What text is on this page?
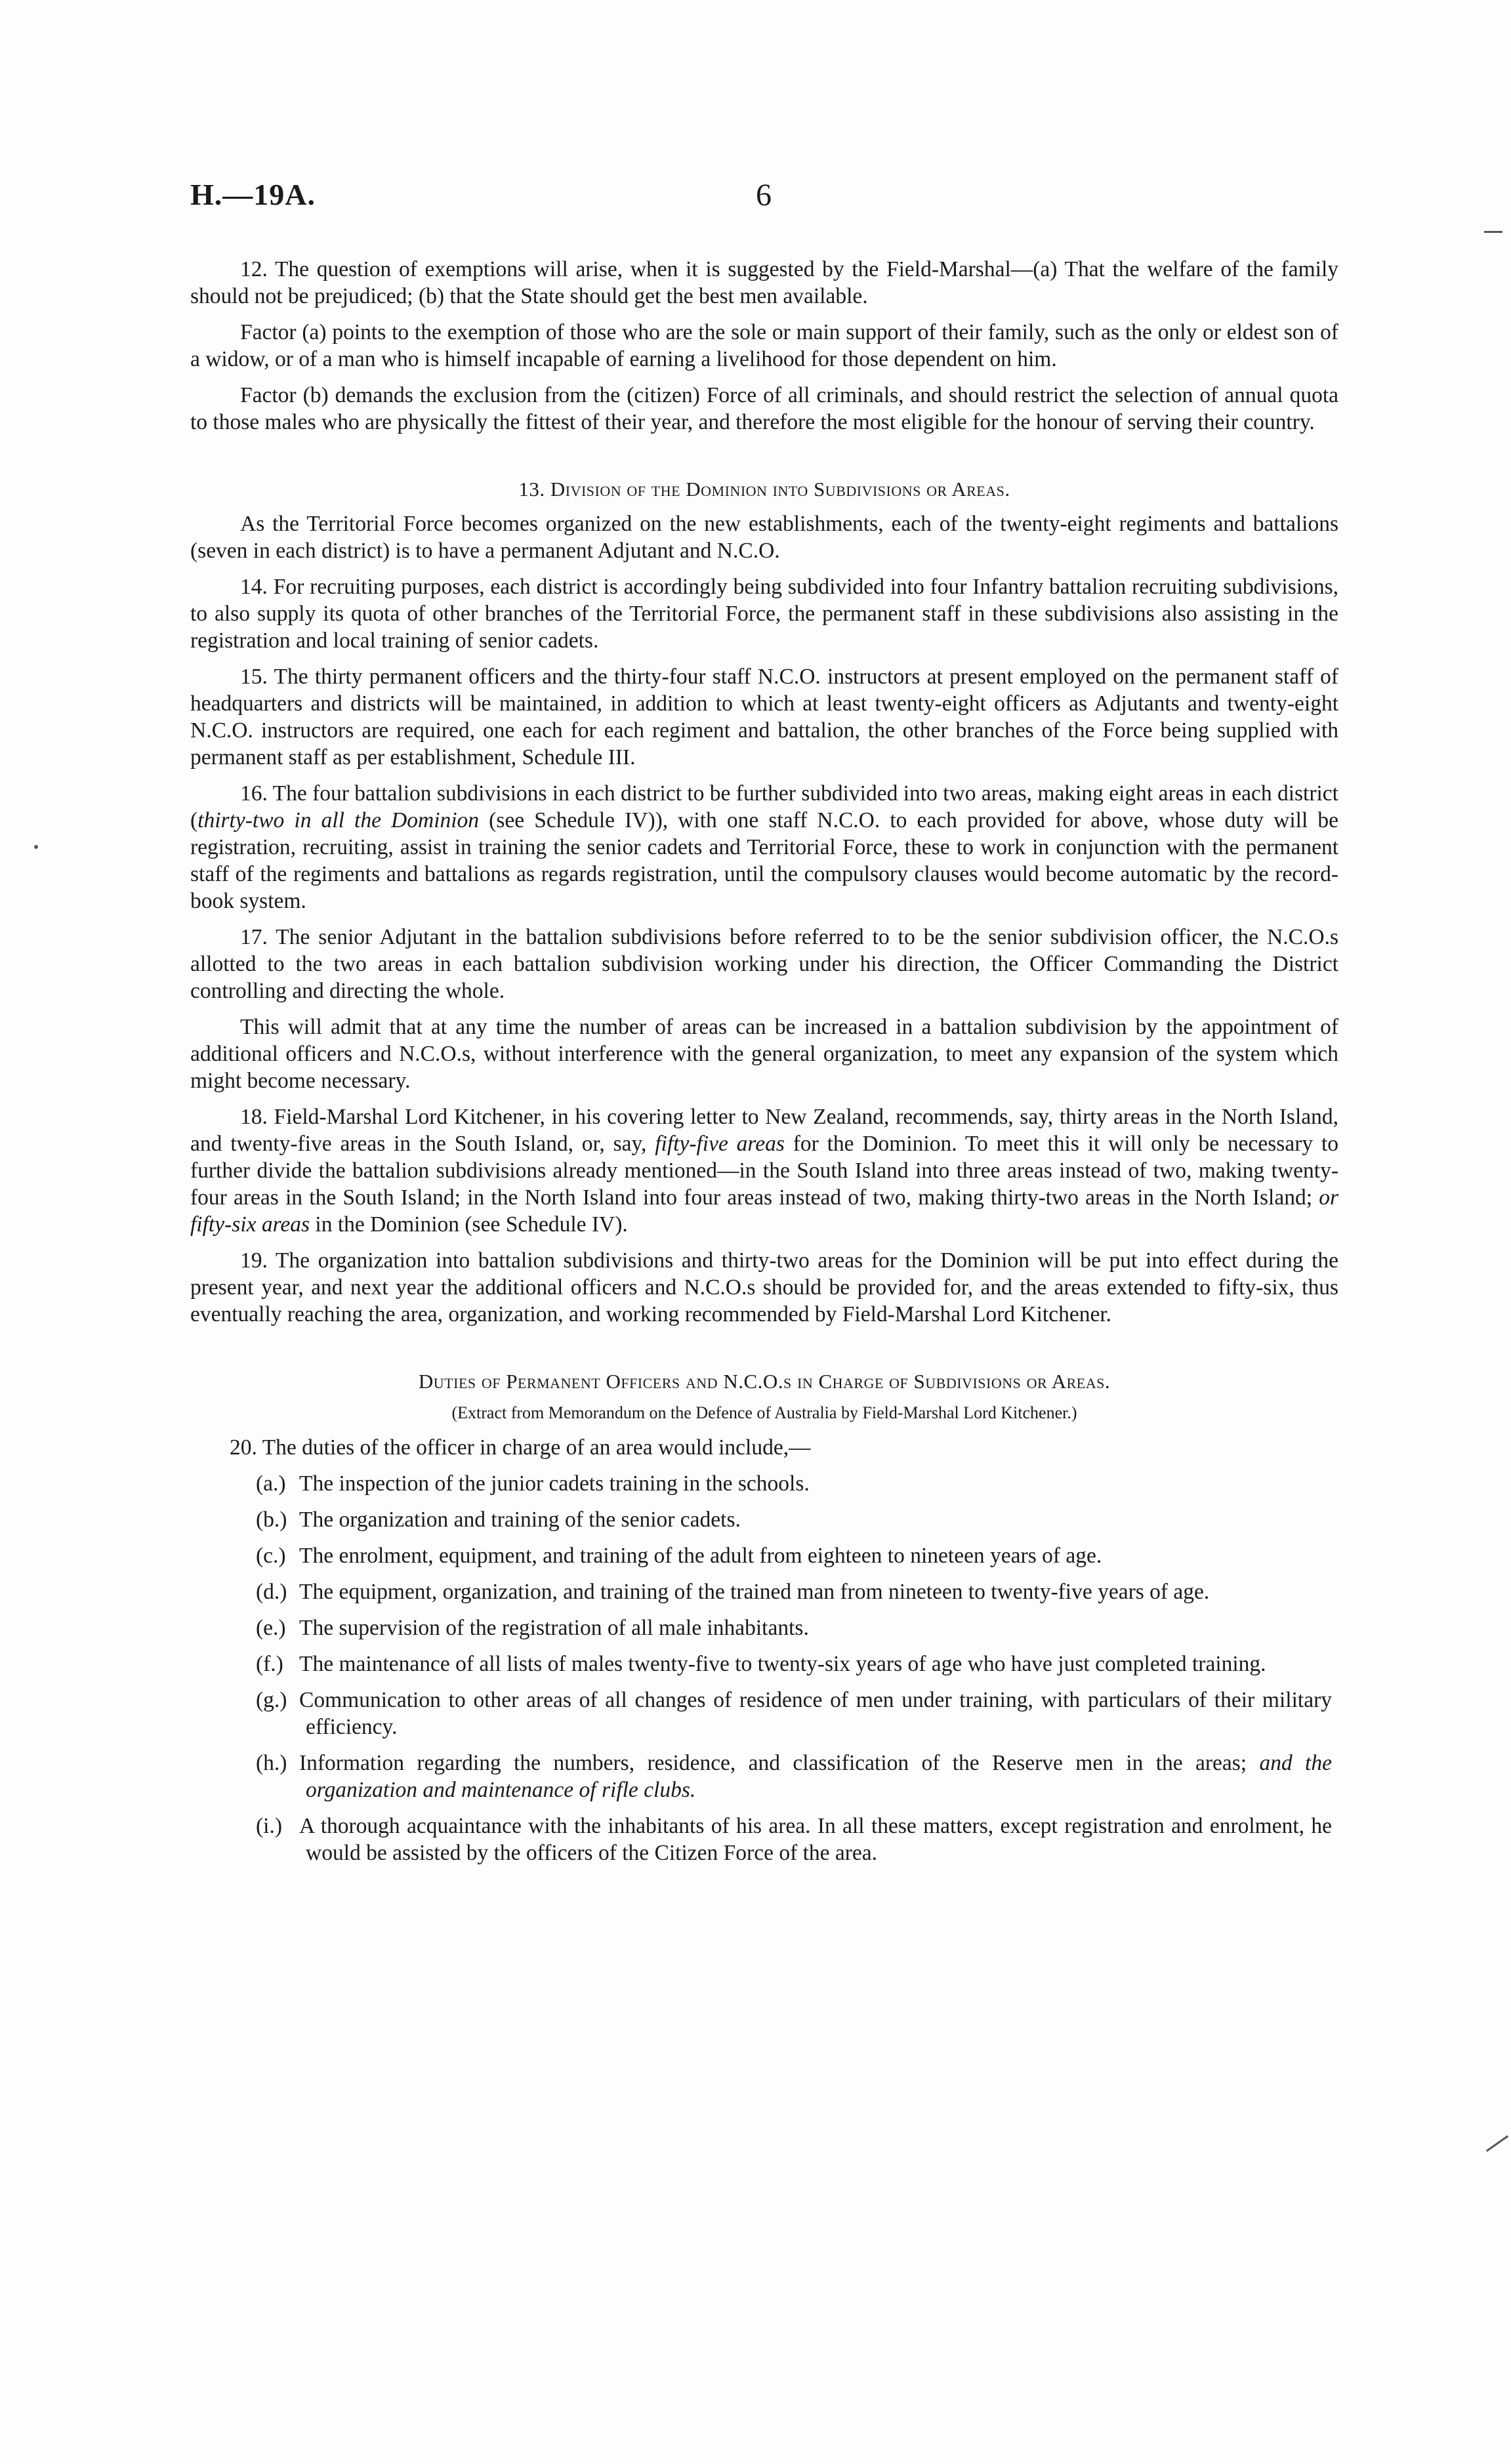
H.—19A.	6

12. The question of exemptions will arise, when it is suggested by the Field-Marshal—(a) That the welfare of the family should not be prejudiced; (b) that the State should get the best men available.

Factor (a) points to the exemption of those who are the sole or main support of their family, such as the only or eldest son of a widow, or of a man who is himself incapable of earning a livelihood for those dependent on him.

Factor (b) demands the exclusion from the (citizen) Force of all criminals, and should restrict the selection of annual quota to those males who are physically the fittest of their year, and therefore the most eligible for the honour of serving their country.

13. Division of the Dominion into Subdivisions or Areas.

As the Territorial Force becomes organized on the new establishments, each of the twenty-eight regiments and battalions (seven in each district) is to have a permanent Adjutant and N.C.O.

14. For recruiting purposes, each district is accordingly being subdivided into four Infantry battalion recruiting subdivisions, to also supply its quota of other branches of the Territorial Force, the permanent staff in these subdivisions also assisting in the registration and local training of senior cadets.

15. The thirty permanent officers and the thirty-four staff N.C.O. instructors at present employed on the permanent staff of headquarters and districts will be maintained, in addition to which at least twenty-eight officers as Adjutants and twenty-eight N.C.O. instructors are required, one each for each regiment and battalion, the other branches of the Force being supplied with permanent staff as per establishment, Schedule III.

16. The four battalion subdivisions in each district to be further subdivided into two areas, making eight areas in each district (thirty-two in all the Dominion (see Schedule IV)), with one staff N.C.O. to each provided for above, whose duty will be registration, recruiting, assist in training the senior cadets and Territorial Force, these to work in conjunction with the permanent staff of the regiments and battalions as regards registration, until the compulsory clauses would become automatic by the record-book system.

17. The senior Adjutant in the battalion subdivisions before referred to to be the senior subdivision officer, the N.C.O.s allotted to the two areas in each battalion subdivision working under his direction, the Officer Commanding the District controlling and directing the whole.

This will admit that at any time the number of areas can be increased in a battalion subdivision by the appointment of additional officers and N.C.O.s, without interference with the general organization, to meet any expansion of the system which might become necessary.

18. Field-Marshal Lord Kitchener, in his covering letter to New Zealand, recommends, say, thirty areas in the North Island, and twenty-five areas in the South Island, or, say, fifty-five areas for the Dominion. To meet this it will only be necessary to further divide the battalion subdivisions already mentioned—in the South Island into three areas instead of two, making twenty-four areas in the South Island; in the North Island into four areas instead of two, making thirty-two areas in the North Island; or fifty-six areas in the Dominion (see Schedule IV).

19. The organization into battalion subdivisions and thirty-two areas for the Dominion will be put into effect during the present year, and next year the additional officers and N.C.O.s should be provided for, and the areas extended to fifty-six, thus eventually reaching the area, organization, and working recommended by Field-Marshal Lord Kitchener.

Duties of Permanent Officers and N.C.O.s in Charge of Subdivisions or Areas.
(Extract from Memorandum on the Defence of Australia by Field-Marshal Lord Kitchener.)

20. The duties of the officer in charge of an area would include,—

(a.) The inspection of the junior cadets training in the schools.
(b.) The organization and training of the senior cadets.
(c.) The enrolment, equipment, and training of the adult from eighteen to nineteen years of age.
(d.) The equipment, organization, and training of the trained man from nineteen to twenty-five years of age.
(e.) The supervision of the registration of all male inhabitants.
(f.) The maintenance of all lists of males twenty-five to twenty-six years of age who have just completed training.
(g.) Communication to other areas of all changes of residence of men under training, with particulars of their military efficiency.
(h.) Information regarding the numbers, residence, and classification of the Reserve men in the areas; and the organization and maintenance of rifle clubs.
(i.) A thorough acquaintance with the inhabitants of his area. In all these matters, except registration and enrolment, he would be assisted by the officers of the Citizen Force of the area.
